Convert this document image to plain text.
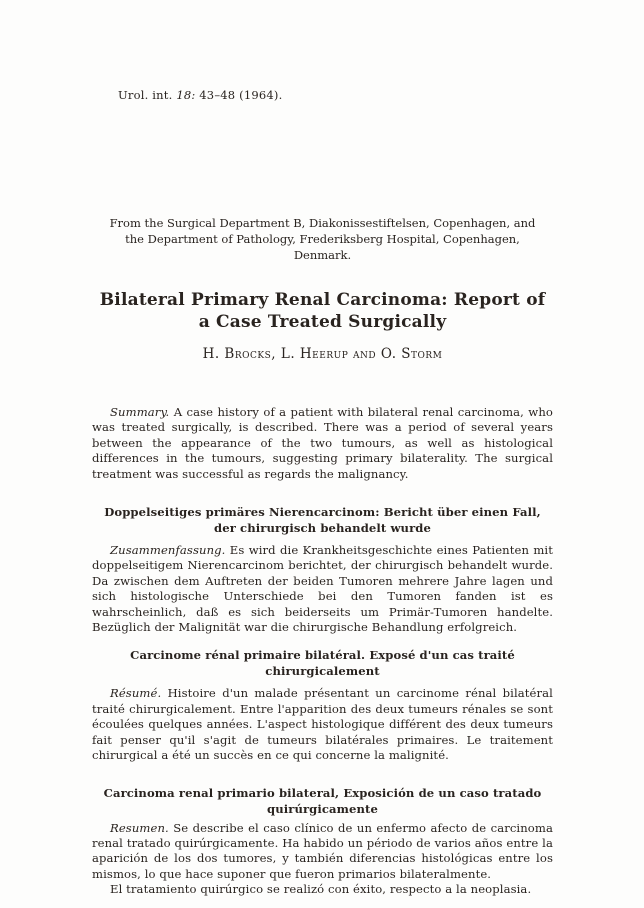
Urol. int. 18: 43–48 (1964).

From the Surgical Department B, Diakonissestiftelsen, Copenhagen, and the Department of Pathology, Frederiksberg Hospital, Copenhagen, Denmark.

Bilateral Primary Renal Carcinoma: Report of a Case Treated Surgically
H. Brocks, L. Heerup and O. Storm

Summary. A case history of a patient with bilateral renal carcinoma, who was treated surgically, is described. There was a period of several years between the appearance of the two tumours, as well as histological differences in the tumours, suggesting primary bilaterality. The surgical treatment was successful as regards the malignancy.

Doppelseitiges primäres Nierencarcinom: Bericht über einen Fall, der chirurgisch behandelt wurde

Zusammenfassung. Es wird die Krankheitsgeschichte eines Patienten mit doppelseitigem Nierencarcinom berichtet, der chirurgisch behandelt wurde. Da zwischen dem Auftreten der beiden Tumoren mehrere Jahre lagen und sich histologische Unterschiede bei den Tumoren fanden ist es wahrscheinlich, daß es sich beiderseits um Primär-Tumoren handelte. Bezüglich der Malignität war die chirurgische Behandlung erfolgreich.

Carcinome rénal primaire bilatéral. Exposé d'un cas traité chirurgicalement

Résumé. Histoire d'un malade présentant un carcinome rénal bilatéral traité chirurgicalement. Entre l'apparition des deux tumeurs rénales se sont écoulées quelques années. L'aspect histologique différent des deux tumeurs fait penser qu'il s'agit de tumeurs bilatérales primaires. Le traitement chirurgical a été un succès en ce qui concerne la malignité.

Carcinoma renal primario bilateral, Exposición de un caso tratado quirúrgicamente

Resumen. Se describe el caso clínico de un enfermo afecto de carcinoma renal tratado quirúrgicamente. Ha habido un périodo de varios años entre la aparición de los dos tumores, y también diferencias histológicas entre los mismos, lo que hace suponer que fueron primarios bilateralmente.

El tratamiento quirúrgico se realizó con éxito, respecto a la neoplasia.
